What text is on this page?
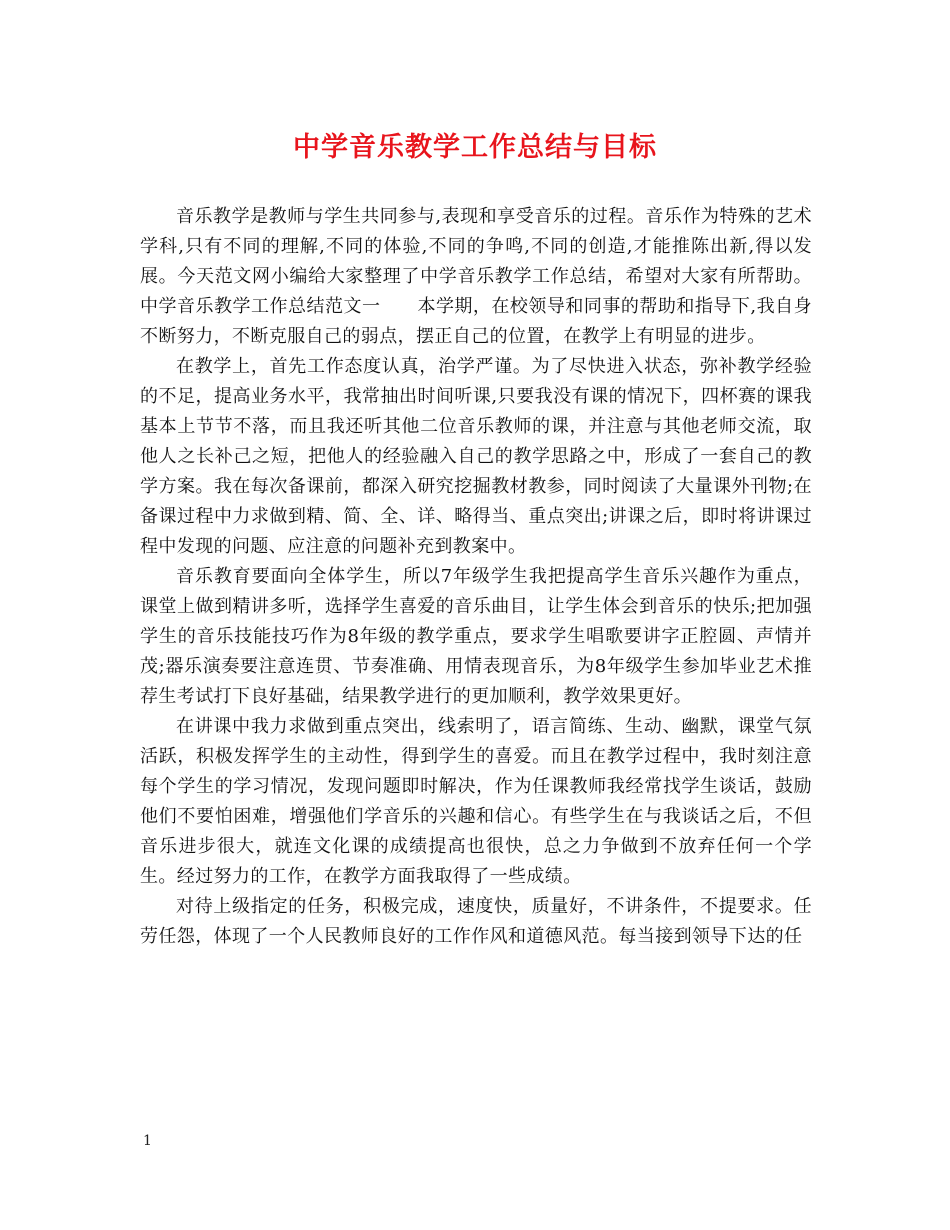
中学音乐教学工作总结与目标

音乐教学是教师与学生共同参与,表现和享受音乐的过程。音乐作为特殊的艺术学科,只有不同的理解,不同的体验,不同的争鸣,不同的创造,才能推陈出新,得以发展。今天范文网小编给大家整理了中学音乐教学工作总结，希望对大家有所帮助。中学音乐教学工作总结范文一　　本学期，在校领导和同事的帮助和指导下,我自身不断努力，不断克服自己的弱点，摆正自己的位置，在教学上有明显的进步。

在教学上，首先工作态度认真，治学严谨。为了尽快进入状态，弥补教学经验的不足，提高业务水平，我常抽出时间听课,只要我没有课的情况下，四杯赛的课我基本上节节不落，而且我还听其他二位音乐教师的课，并注意与其他老师交流，取他人之长补己之短，把他人的经验融入自己的教学思路之中，形成了一套自己的教学方案。我在每次备课前，都深入研究挖掘教材教参，同时阅读了大量课外刊物;在备课过程中力求做到精、简、全、详、略得当、重点突出;讲课之后，即时将讲课过程中发现的问题、应注意的问题补充到教案中。

音乐教育要面向全体学生，所以7年级学生我把提高学生音乐兴趣作为重点，课堂上做到精讲多听，选择学生喜爱的音乐曲目，让学生体会到音乐的快乐;把加强学生的音乐技能技巧作为8年级的教学重点，要求学生唱歌要讲字正腔圆、声情并茂;器乐演奏要注意连贯、节奏准确、用情表现音乐，为8年级学生参加毕业艺术推荐生考试打下良好基础，结果教学进行的更加顺利，教学效果更好。

在讲课中我力求做到重点突出，线索明了，语言简练、生动、幽默，课堂气氛活跃，积极发挥学生的主动性，得到学生的喜爱。而且在教学过程中，我时刻注意每个学生的学习情况，发现问题即时解决，作为任课教师我经常找学生谈话，鼓励他们不要怕困难，增强他们学音乐的兴趣和信心。有些学生在与我谈话之后，不但音乐进步很大，就连文化课的成绩提高也很快，总之力争做到不放弃任何一个学生。经过努力的工作，在教学方面我取得了一些成绩。

对待上级指定的任务，积极完成，速度快，质量好，不讲条件，不提要求。任劳任怨，体现了一个人民教师良好的工作作风和道德风范。每当接到领导下达的任

1
